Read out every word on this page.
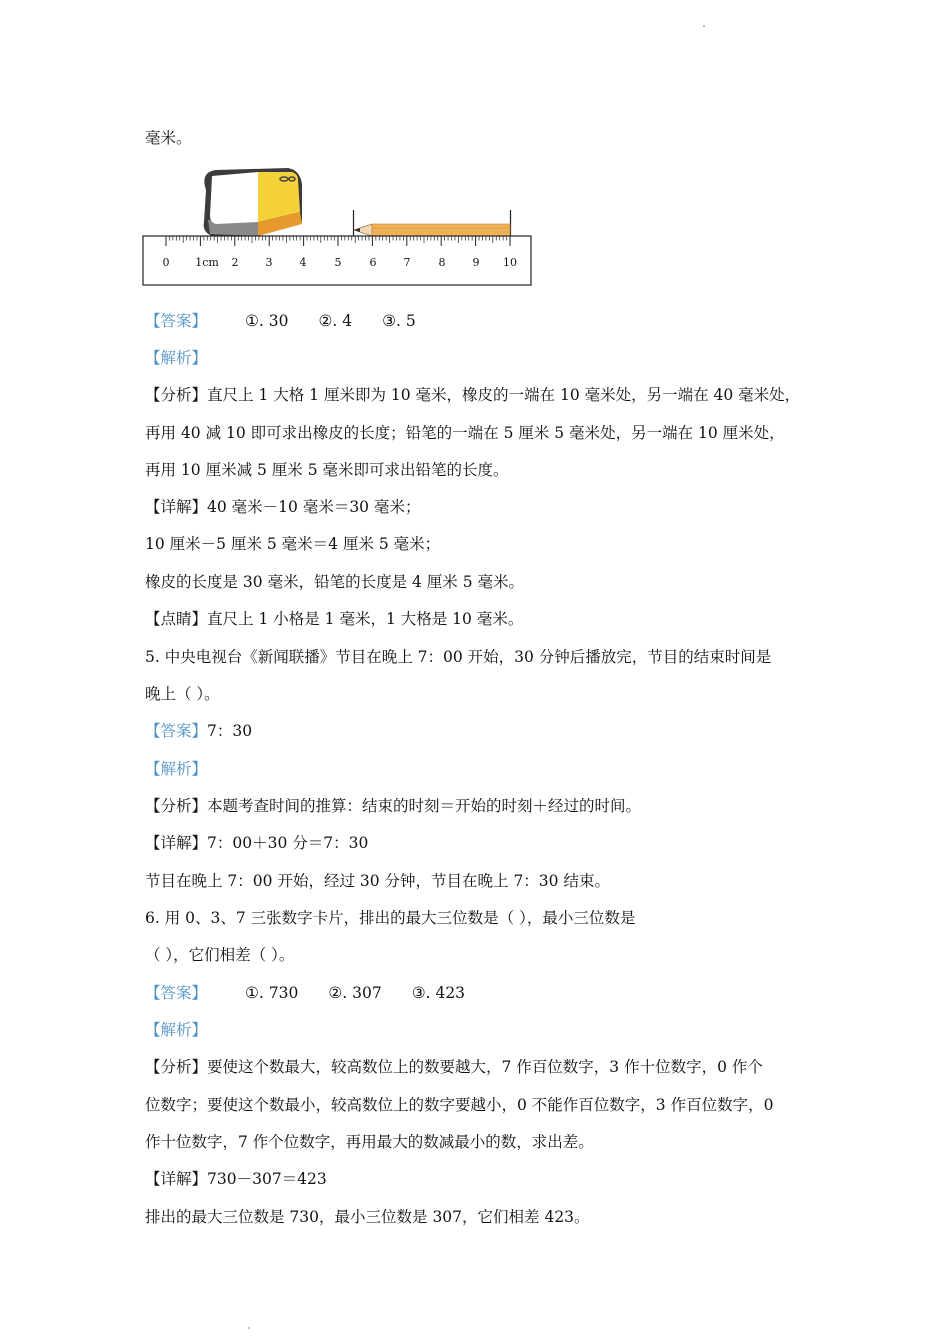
毫米。

0 1cm 2 3 4	5	6 7	8 9 10

【答案】 ①. 30 ②. 4 ③. 5

【解析】

【分析】直尺上 1 大格 1 厘米即为 10 毫米，橡皮的一端在 10 毫米处，另一端在 40 毫米处，

再用 40 减 10 即可求出橡皮的长度；铅笔的一端在 5 厘米 5 毫米处，另一端在 10 厘米处，

再用 10 厘米减 5 厘米 5 毫米即可求出铅笔的长度。

【详解】40 毫米－10 毫米＝30 毫米；

10 厘米－5 厘米 5 毫米＝4 厘米 5 毫米；

橡皮的长度是 30 毫米，铅笔的长度是 4 厘米 5 毫米。

【点睛】直尺上 1 小格是 1 毫米，1 大格是 10 毫米。

5. 中央电视台《新闻联播》节目在晚上 7：00 开始，30 分钟后播放完，节目的结束时间是

晚上（ ）。

【答案】7：30

【解析】

【分析】本题考查时间的推算：结束的时刻＝开始的时刻＋经过的时间。

【详解】7：00＋30 分＝7：30

节目在晚上 7：00 开始，经过 30 分钟，节目在晚上 7：30 结束。

6. 用 0、3、7 三张数字卡片，排出的最大三位数是（ ），最小三位数是

（ ），它们相差（ ）。

【答案】 ①. 730 ②. 307 ③. 423

【解析】

【分析】要使这个数最大，较高数位上的数要越大，7 作百位数字，3 作十位数字，0 作个

位数字；要使这个数最小，较高数位上的数字要越小，0 不能作百位数字，3 作百位数字，0

作十位数字，7 作个位数字，再用最大的数减最小的数，求出差。

【详解】730－307＝423

排出的最大三位数是 730，最小三位数是 307，它们相差 423。
